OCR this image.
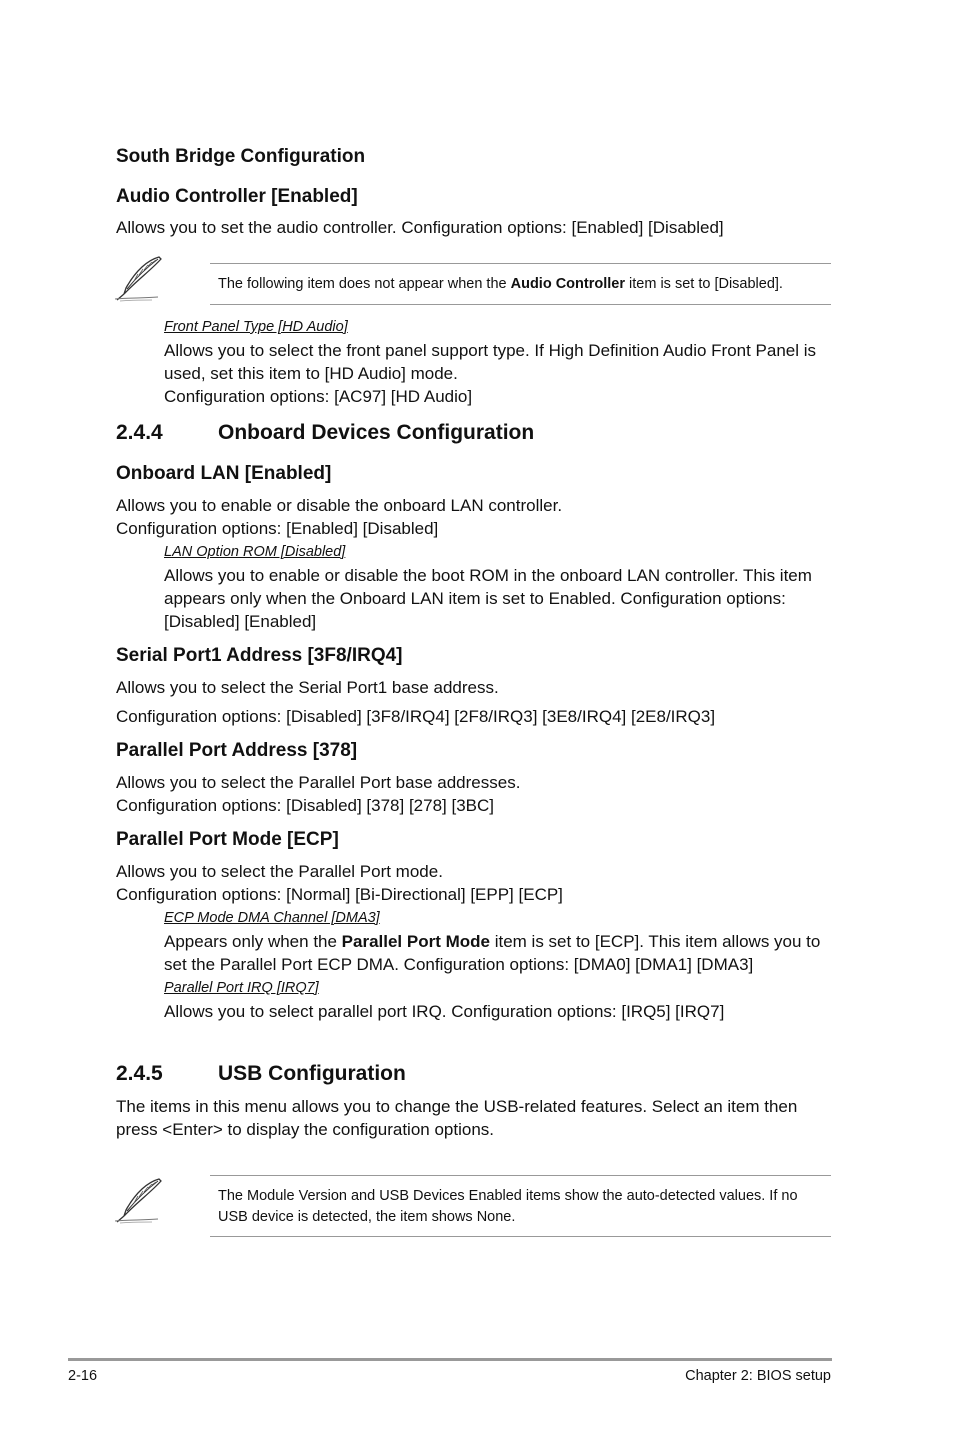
South Bridge Configuration
Audio Controller [Enabled]
Allows you to set the audio controller. Configuration options: [Enabled] [Disabled]
The following item does not appear when the Audio Controller item is set to [Disabled].
Front Panel Type [HD Audio]
Allows you to select the front panel support type. If High Definition Audio Front Panel is used, set this item to [HD Audio] mode.
Configuration options: [AC97] [HD Audio]
2.4.4	Onboard Devices Configuration
Onboard LAN [Enabled]
Allows you to enable or disable the onboard LAN controller.
Configuration options: [Enabled] [Disabled]
LAN Option ROM [Disabled]
Allows you to enable or disable the boot ROM in the onboard LAN controller. This item appears only when the Onboard LAN item is set to Enabled. Configuration options: [Disabled] [Enabled]
Serial Port1 Address [3F8/IRQ4]
Allows you to select the Serial Port1 base address.
Configuration options: [Disabled] [3F8/IRQ4] [2F8/IRQ3] [3E8/IRQ4] [2E8/IRQ3]
Parallel Port Address [378]
Allows you to select the Parallel Port base addresses.
Configuration options: [Disabled] [378] [278] [3BC]
Parallel Port Mode [ECP]
Allows you to select the Parallel Port mode.
Configuration options: [Normal] [Bi-Directional] [EPP] [ECP]
ECP Mode DMA Channel [DMA3]
Appears only when the Parallel Port Mode item is set to [ECP]. This item allows you to set the Parallel Port ECP DMA. Configuration options: [DMA0] [DMA1] [DMA3]
Parallel Port IRQ [IRQ7]
Allows you to select parallel port IRQ. Configuration options: [IRQ5] [IRQ7]
2.4.5	USB Configuration
The items in this menu allows you to change the USB-related features. Select an item then press <Enter> to display the configuration options.
The Module Version and USB Devices Enabled items show the auto-detected values. If no USB device is detected, the item shows None.
2-16	Chapter 2: BIOS setup
